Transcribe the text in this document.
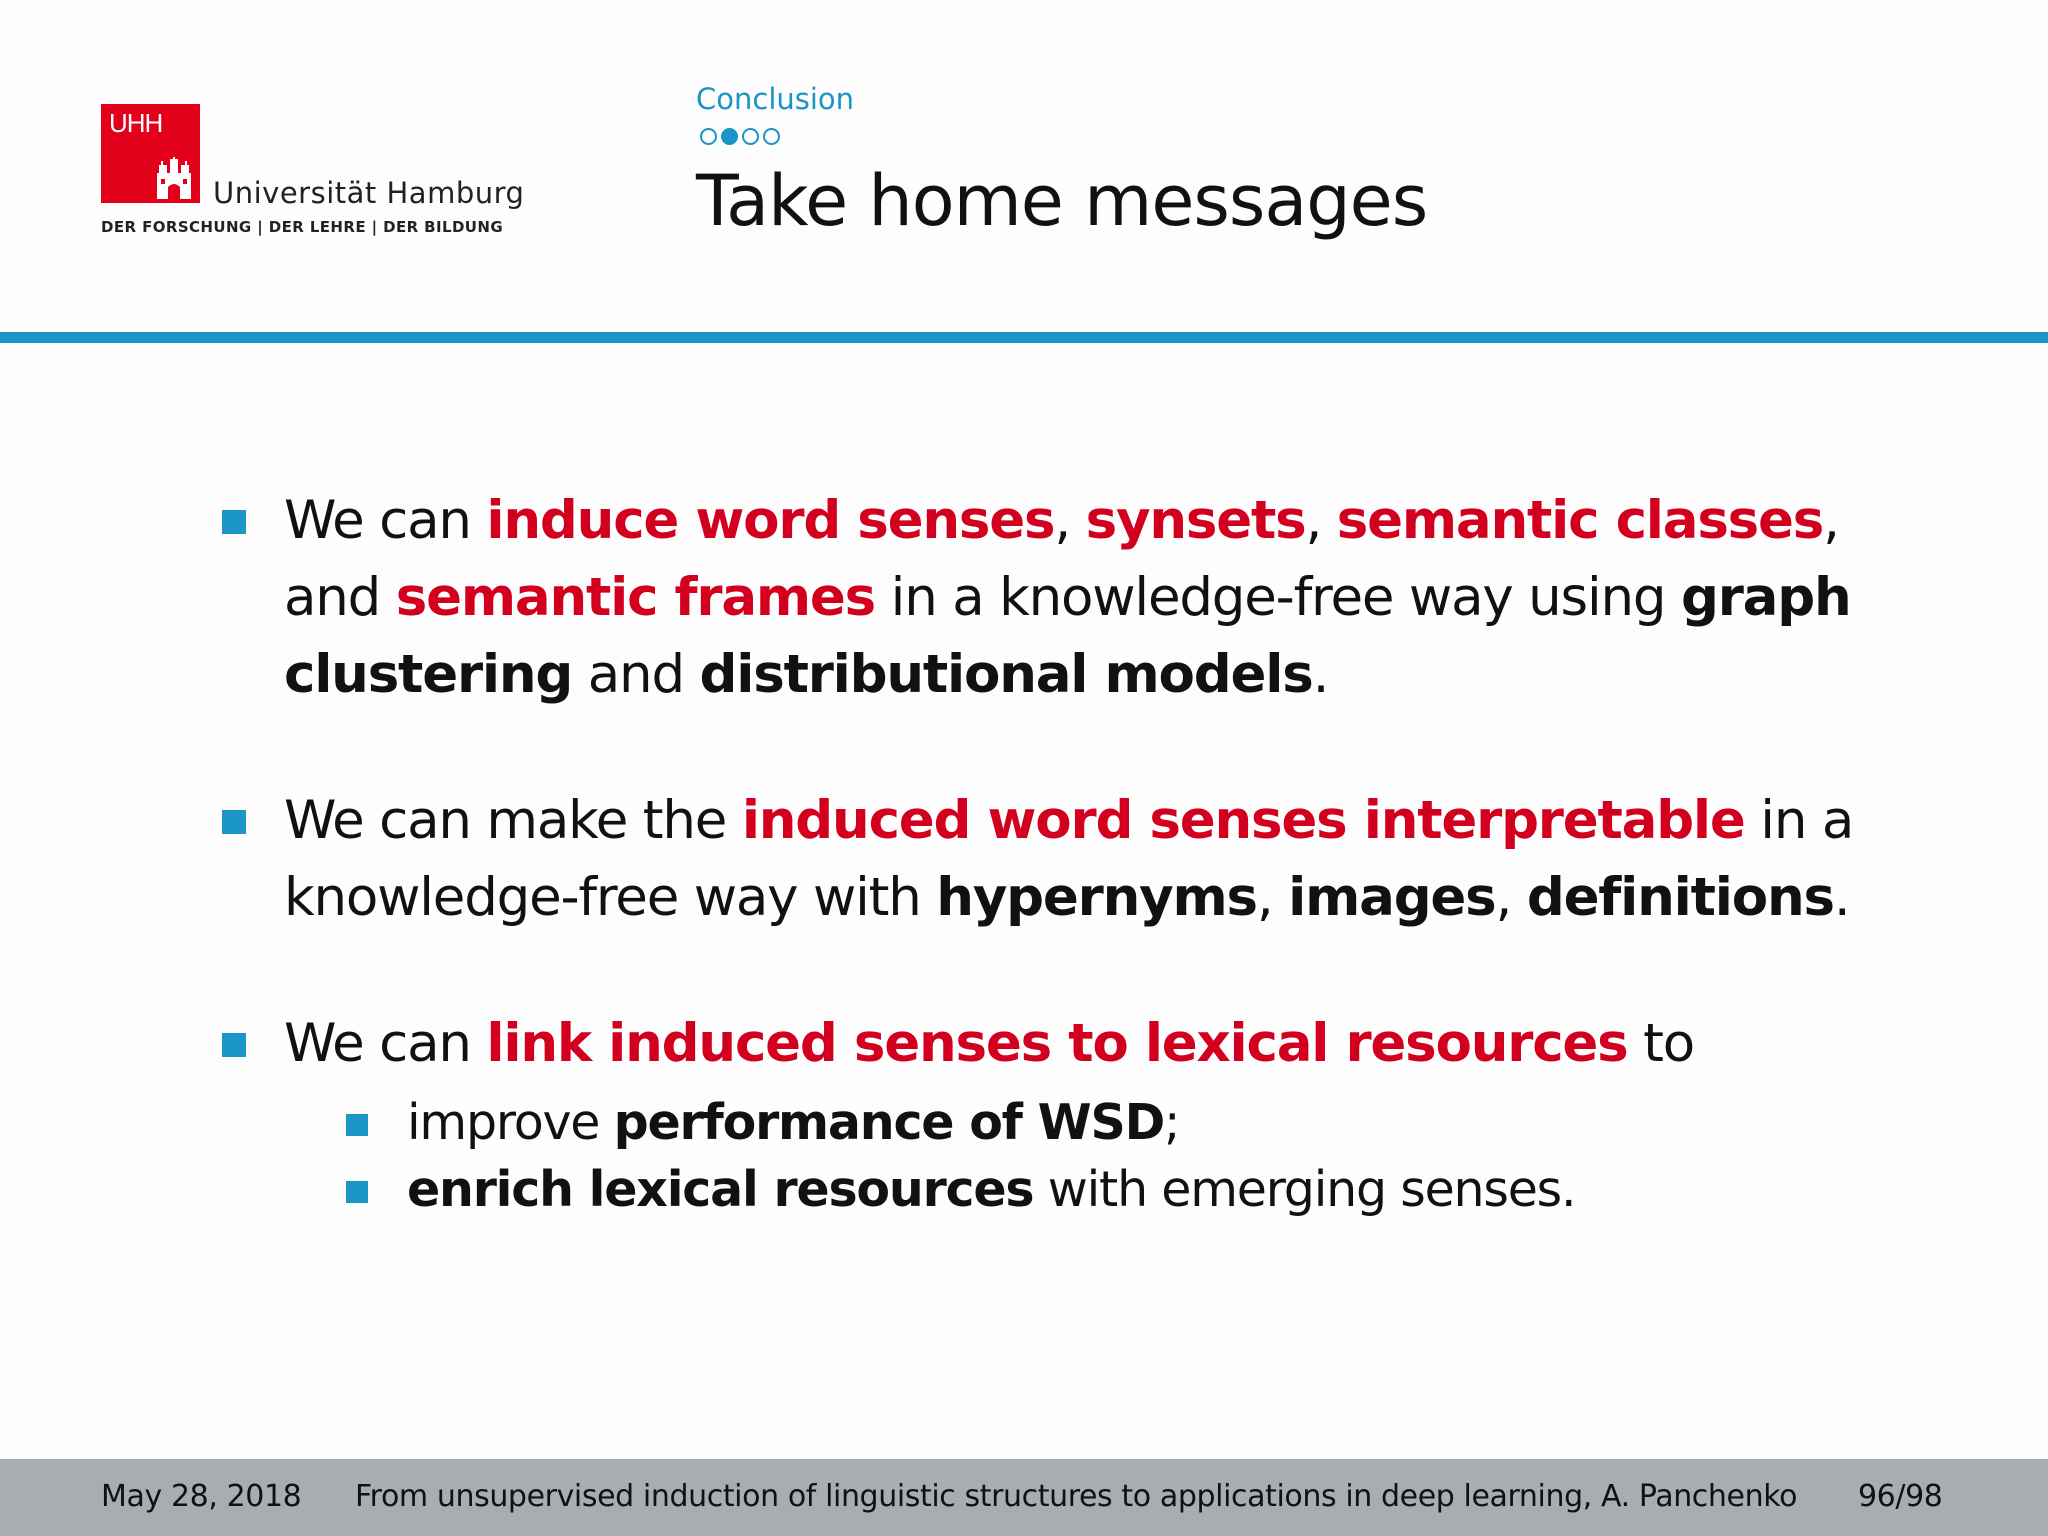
UHH
Universität Hamburg
DER FORSCHUNG | DER LEHRE | DER BILDUNG
Conclusion
Take home messages
We can induce word senses, synsets, semantic classes, and semantic frames in a knowledge-free way using graph clustering and distributional models.
We can make the induced word senses interpretable in a knowledge-free way with hypernyms, images, definitions.
We can link induced senses to lexical resources to
improve performance of WSD;
enrich lexical resources with emerging senses.
May 28, 2018 From unsupervised induction of linguistic structures to applications in deep learning, A. Panchenko 96/98
